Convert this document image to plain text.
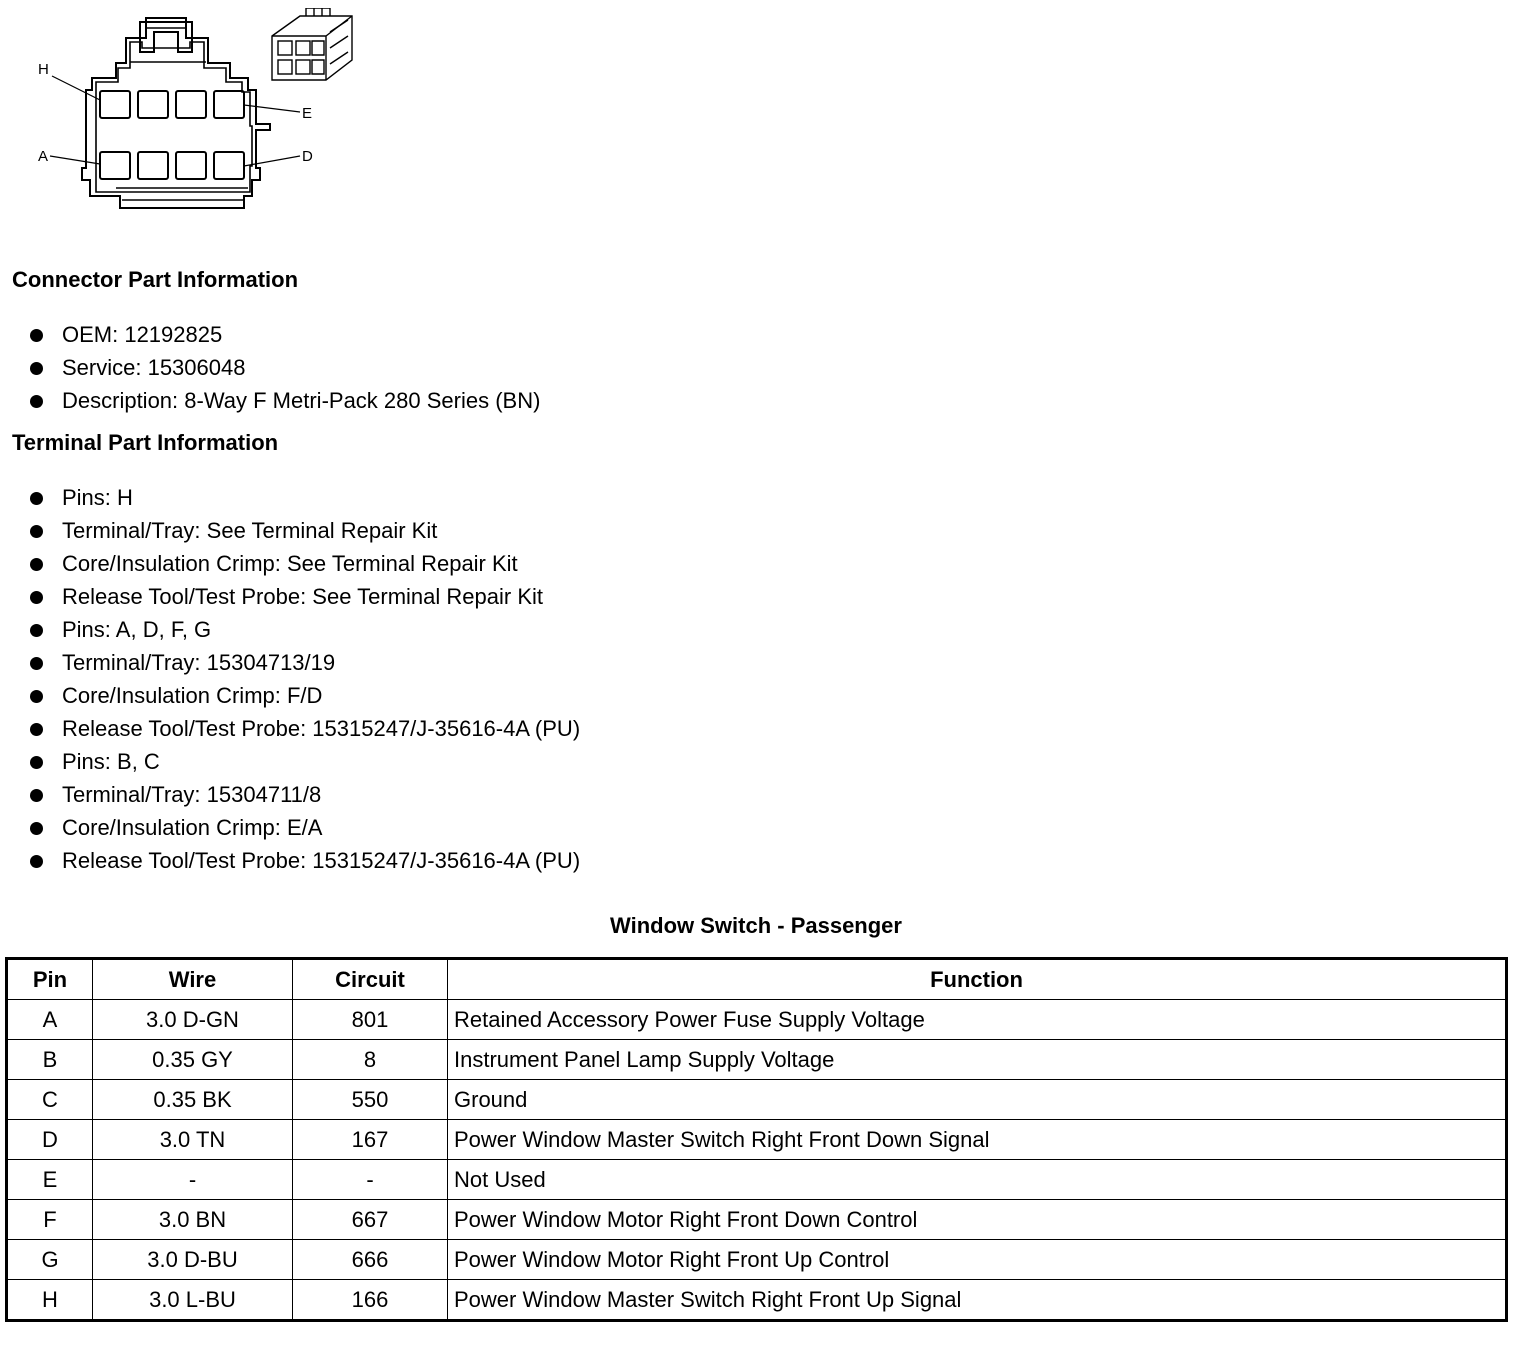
H
E
A	D
Connector Part Information
OEM: 12192825
Service: 15306048
Description: 8-Way F Metri-Pack 280 Series (BN)
Terminal Part Information
Pins: H
Terminal/Tray: See Terminal Repair Kit
Core/Insulation Crimp: See Terminal Repair Kit
Release Tool/Test Probe: See Terminal Repair Kit
Pins: A, D, F, G
Terminal/Tray: 15304713/19
Core/Insulation Crimp: F/D
Release Tool/Test Probe: 15315247/J-35616-4A (PU)
Pins: B, C
Terminal/Tray: 15304711/8
Core/Insulation Crimp: E/A
Release Tool/Test Probe: 15315247/J-35616-4A (PU)
Window Switch - Passenger
Pin	Wire	Circuit	Function
A	3.0 D-GN	801	Retained Accessory Power Fuse Supply Voltage
B	0.35 GY	8	Instrument Panel Lamp Supply Voltage
C	0.35 BK	550	Ground
D	3.0 TN	167	Power Window Master Switch Right Front Down Signal
E	-	-	Not Used
F	3.0 BN	667	Power Window Motor Right Front Down Control
G	3.0 D-BU	666	Power Window Motor Right Front Up Control
H	3.0 L-BU	166	Power Window Master Switch Right Front Up Signal
